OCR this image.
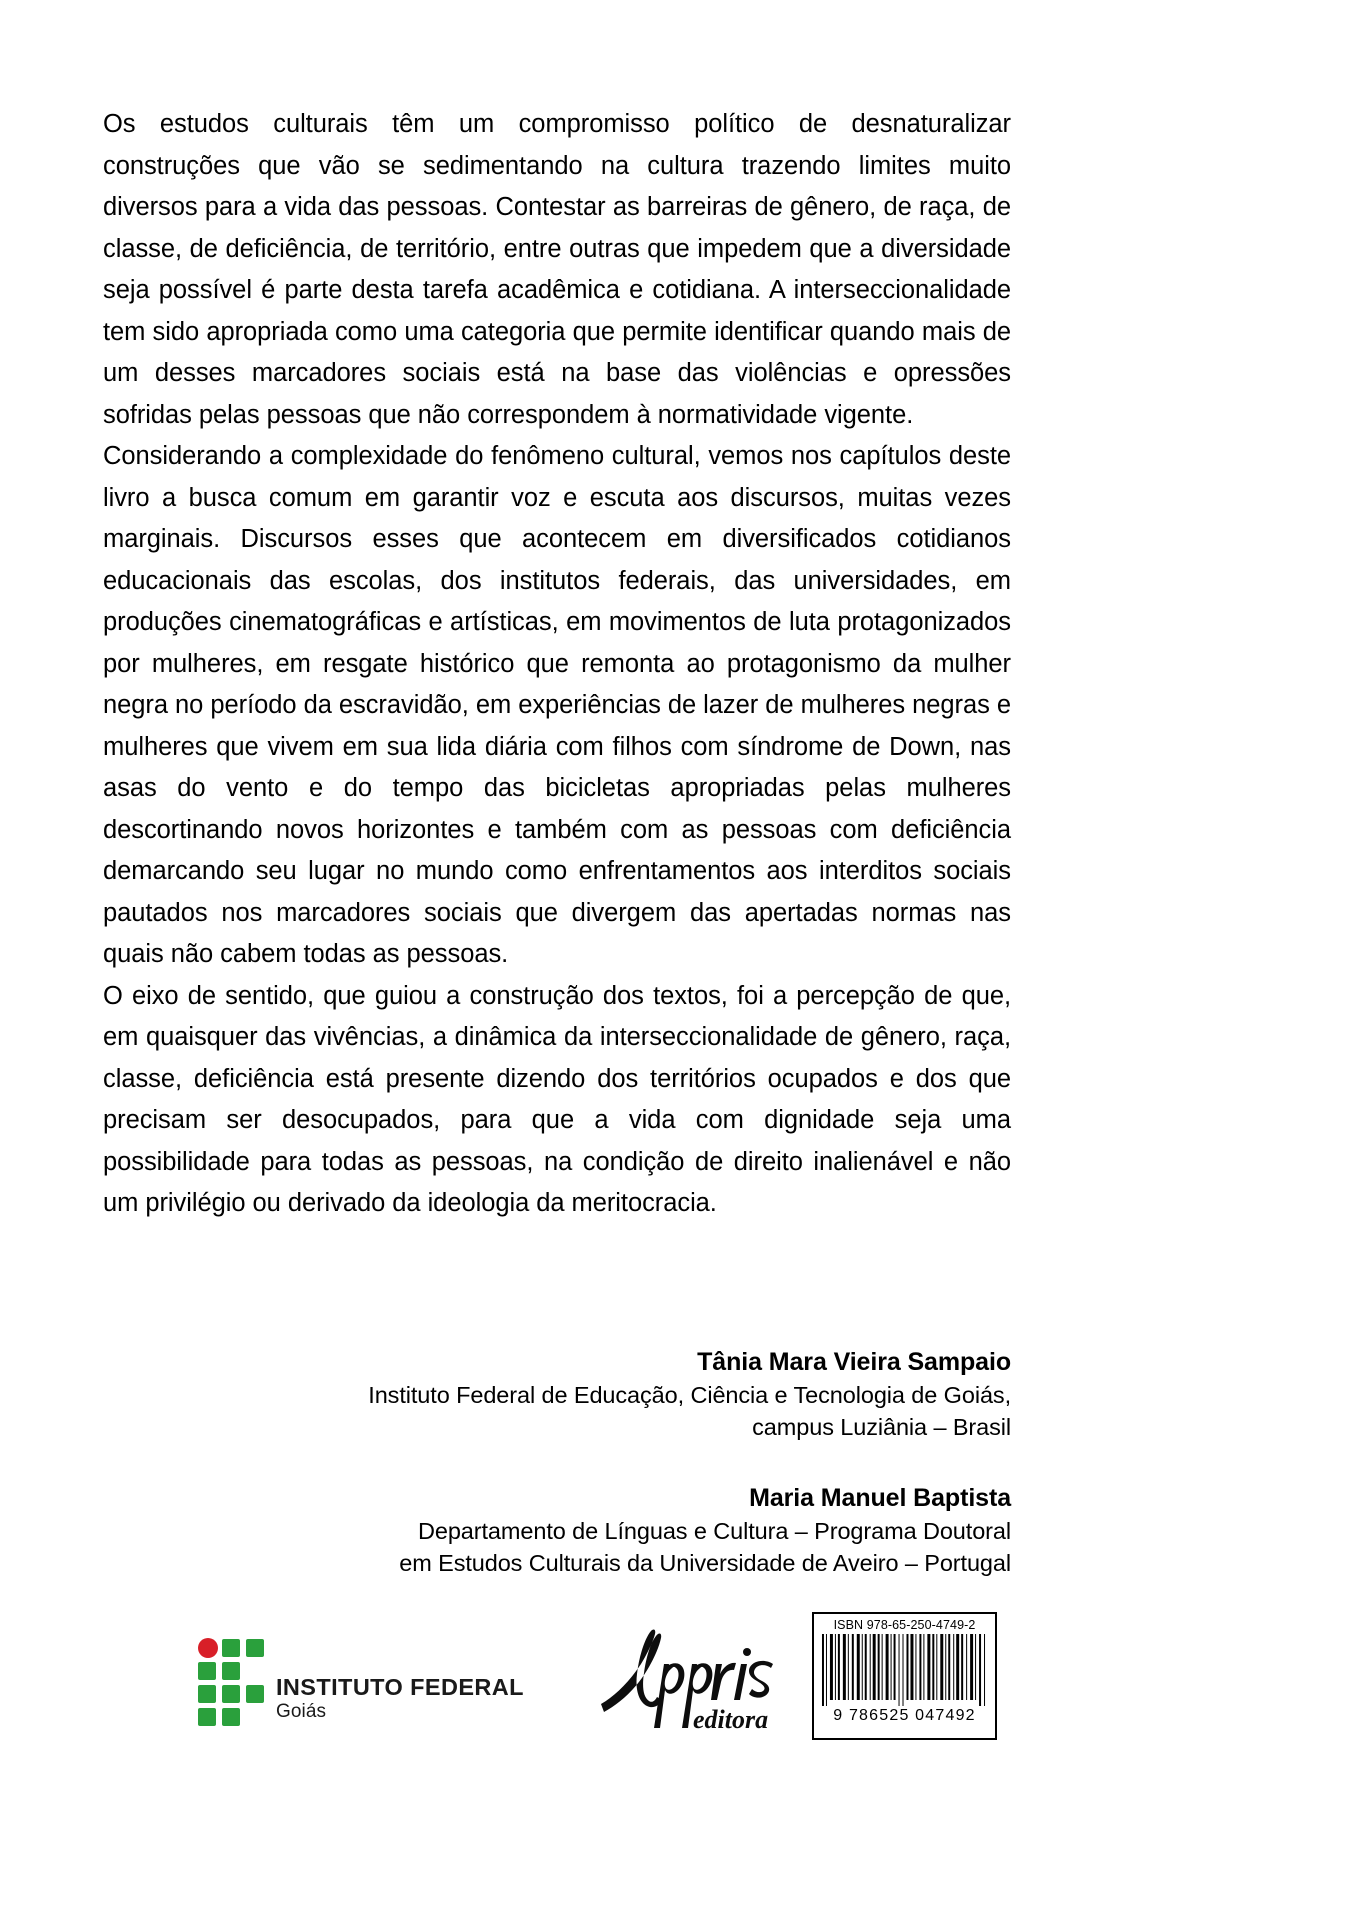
Os estudos culturais têm um compromisso político de desnaturalizar construções que vão se sedimentando na cultura trazendo limites muito diversos para a vida das pessoas. Contestar as barreiras de gênero, de raça, de classe, de deficiência, de território, entre outras que impedem que a diversidade seja possível é parte desta tarefa acadêmica e cotidiana. A interseccionalidade tem sido apropriada como uma categoria que permite identificar quando mais de um desses marcadores sociais está na base das violências e opressões sofridas pelas pessoas que não correspondem à normatividade vigente.

Considerando a complexidade do fenômeno cultural, vemos nos capítulos deste livro a busca comum em garantir voz e escuta aos discursos, muitas vezes marginais. Discursos esses que acontecem em diversificados cotidianos educacionais das escolas, dos institutos federais, das universidades, em produções cinematográficas e artísticas, em movimentos de luta protagonizados por mulheres, em resgate histórico que remonta ao protagonismo da mulher negra no período da escravidão, em experiências de lazer de mulheres negras e mulheres que vivem em sua lida diária com filhos com síndrome de Down, nas asas do vento e do tempo das bicicletas apropriadas pelas mulheres descortinando novos horizontes e também com as pessoas com deficiência demarcando seu lugar no mundo como enfrentamentos aos interditos sociais pautados nos marcadores sociais que divergem das apertadas normas nas quais não cabem todas as pessoas.

O eixo de sentido, que guiou a construção dos textos, foi a percepção de que, em quaisquer das vivências, a dinâmica da interseccionalidade de gênero, raça, classe, deficiência está presente dizendo dos territórios ocupados e dos que precisam ser desocupados, para que a vida com dignidade seja uma possibilidade para todas as pessoas, na condição de direito inalienável e não um privilégio ou derivado da ideologia da meritocracia.

Tânia Mara Vieira Sampaio
Instituto Federal de Educação, Ciência e Tecnologia de Goiás,
campus Luziânia – Brasil
Maria Manuel Baptista
Departamento de Línguas e Cultura – Programa Doutoral
em Estudos Culturais da Universidade de Aveiro – Portugal
INSTITUTO FEDERAL
Goiás	editora
ISBN 978-65-250-4749-2
9 786525 047492
